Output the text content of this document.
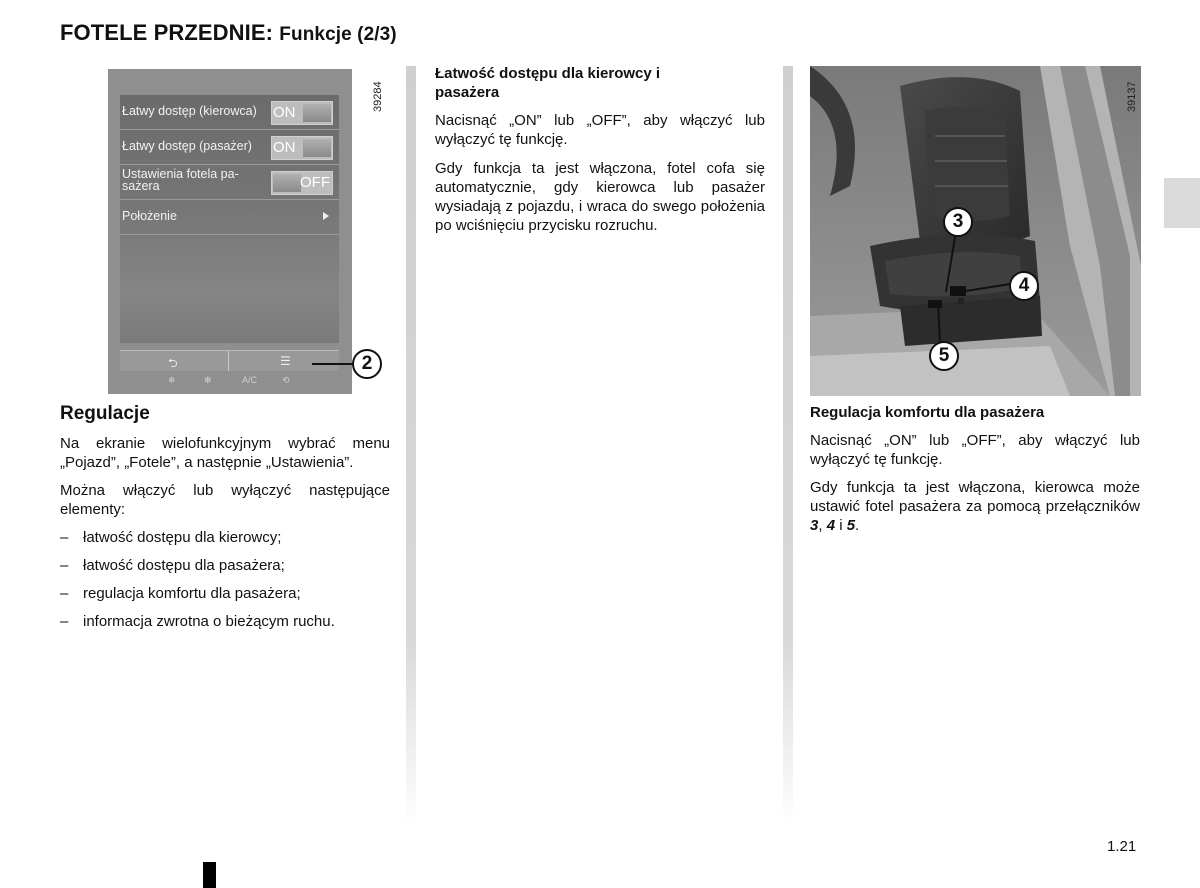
FOTELE PRZEDNIE: Funkcje (2/3)
Łatwy dostęp (kierowca) ON
Łatwy dostęp (pasażer) ON
Ustawienia fotela pa-
sażera	OFF
Położenie
⮌	☰
❄	✻	A/C	⟲
39284
2
Regulacje
Na ekranie wielofunkcyjnym wybrać menu „Pojazd”, „Fotele”, a następnie „Ustawienia”.
Można włączyć lub wyłączyć następujące elementy:
– łatwość dostępu dla kierowcy;
– łatwość dostępu dla pasażera;
– regulacja komfortu dla pasażera;
– informacja zwrotna o bieżącym ruchu.
Łatwość dostępu dla kierowcy i pasażera
Nacisnąć „ON” lub „OFF”, aby włączyć lub wyłączyć tę funkcję.
Gdy funkcja ta jest włączona, fotel cofa się automatycznie, gdy kierowca lub pasażer wysiadają z pojazdu, i wraca do swego położenia po wciśnięciu przycisku rozruchu.
39137
3
4
5
Regulacja komfortu dla pasażera
Nacisnąć „ON” lub „OFF”, aby włączyć lub wyłączyć tę funkcję.
Gdy funkcja ta jest włączona, kierowca może ustawić fotel pasażera za pomocą przełączników 3, 4 i 5.
1.21
